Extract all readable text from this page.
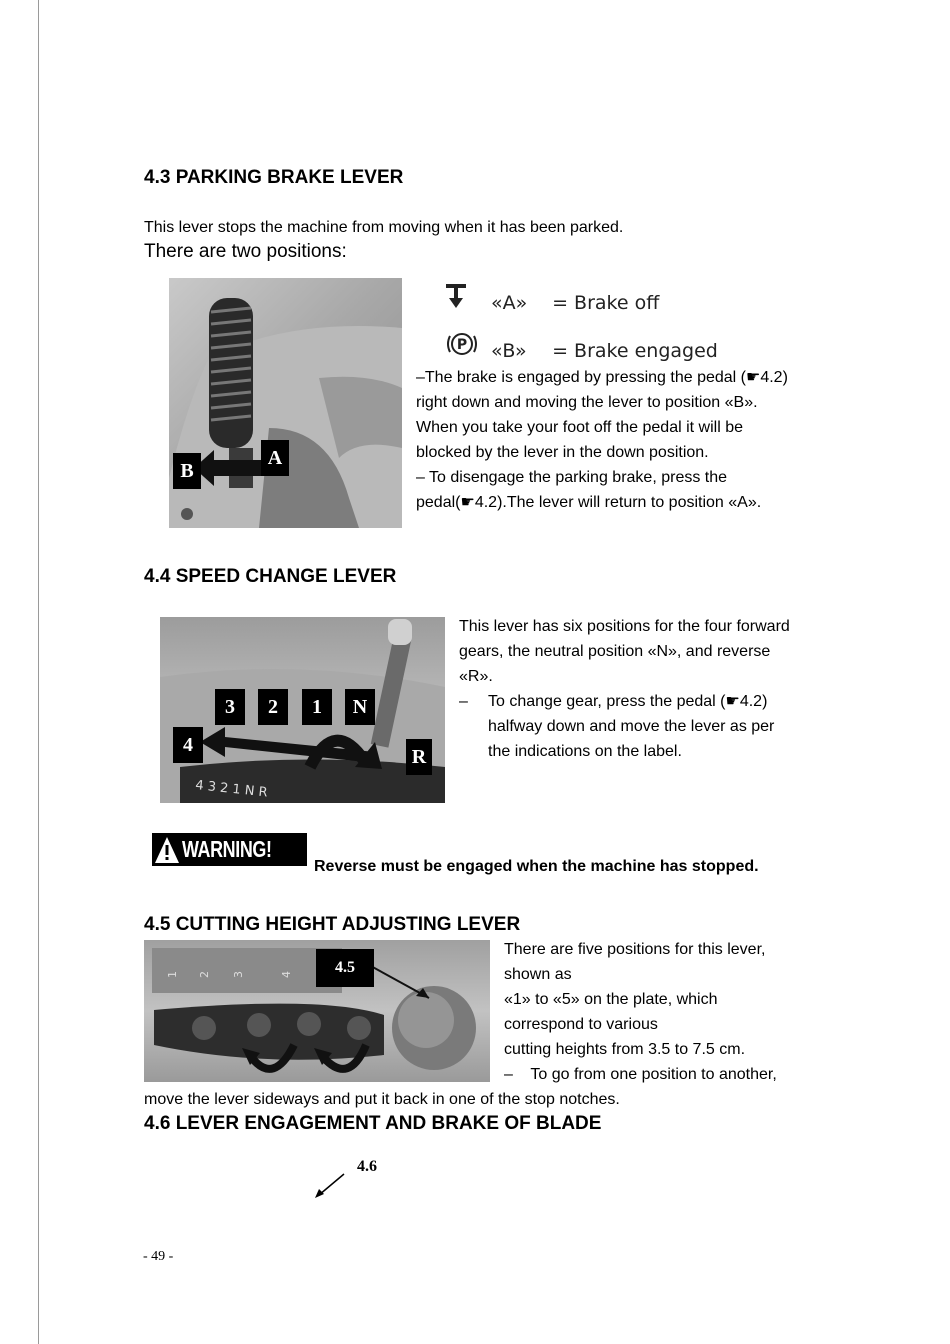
4.3 PARKING BRAKE LEVER
This lever stops the machine from moving when it has been parked.
There are two positions:
B
A
«A» = Brake off
P «B» = Brake engaged
–The brake is engaged by pressing the pedal (☛4.2)
right down and moving the lever to position «B».
When you take your foot off the pedal it will be
blocked by the lever in the down position.
– To disengage the parking brake, press the
pedal(☛4.2).The lever will return to position «A».
4.4 SPEED CHANGE LEVER
4 3 2 1 N R
3	2	1	N
4
R
This lever has six positions for the four forward
gears, the neutral position «N», and reverse
«R».
– To change gear, press the pedal (☛4.2)
halfway down and move the lever as per
the indications on the label.
WARNING!
Reverse must be engaged when the machine has stopped.
4.5 CUTTING HEIGHT ADJUSTING LEVER
1 2 3	4	4.5
There are five positions for this lever,
shown as
«1» to «5» on the plate, which
correspond to various
cutting heights from 3.5 to 7.5 cm.
–    To go from one position to another,
move the lever sideways and put it back in one of the stop notches.
4.6 LEVER ENGAGEMENT AND BRAKE OF BLADE
4.6
- 49 -
